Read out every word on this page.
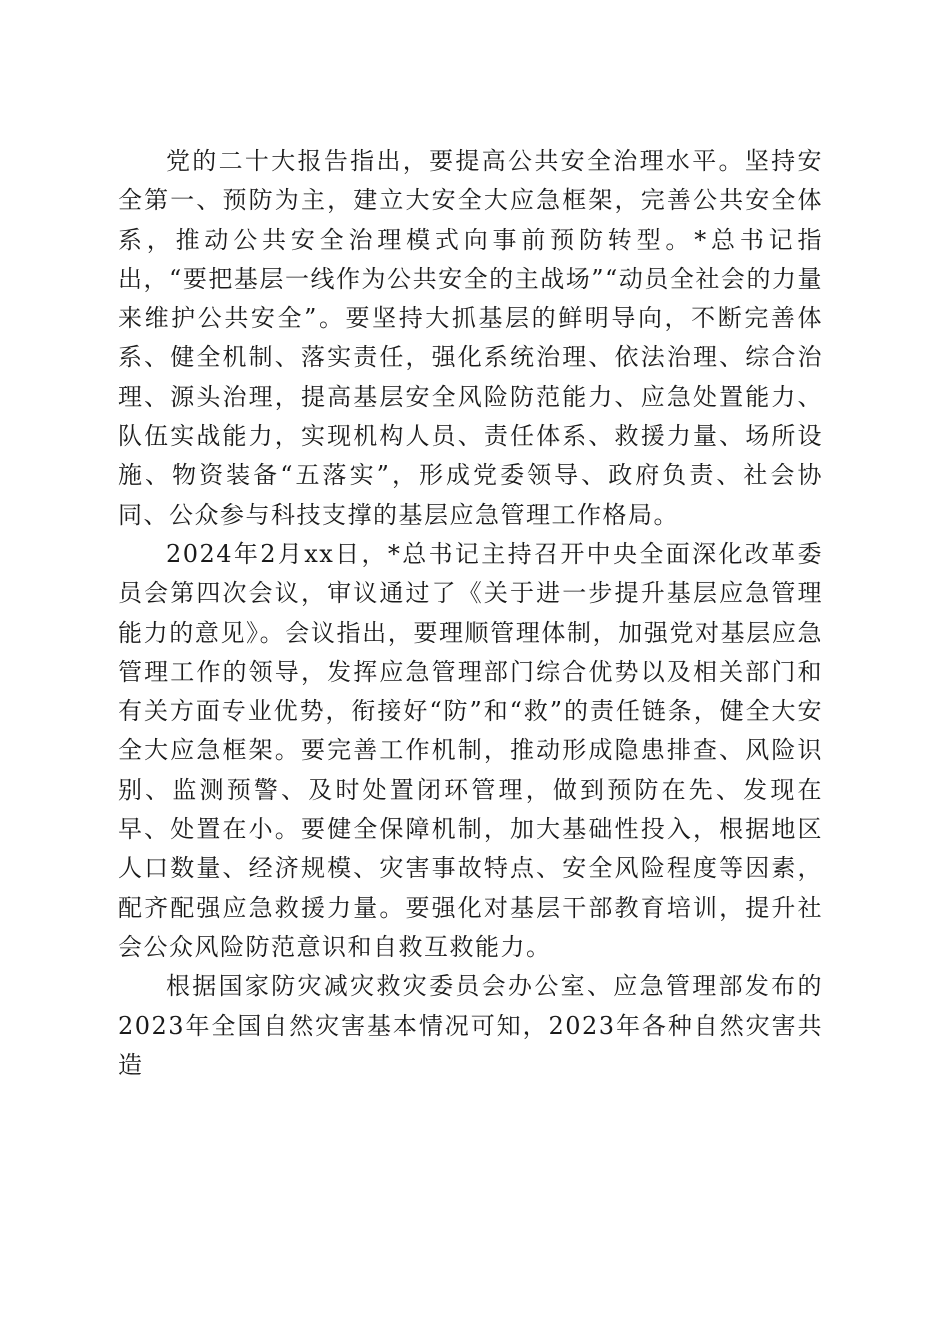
党的二十大报告指出，要提高公共安全治理水平。坚持安全第一、预防为主，建立大安全大应急框架，完善公共安全体系，推动公共安全治理模式向事前预防转型。*总书记指出，“要把基层一线作为公共安全的主战场”“动员全社会的力量来维护公共安全”。要坚持大抓基层的鲜明导向，不断完善体系、健全机制、落实责任，强化系统治理、依法治理、综合治理、源头治理，提高基层安全风险防范能力、应急处置能力、队伍实战能力，实现机构人员、责任体系、救援力量、场所设施、物资装备“五落实”，形成党委领导、政府负责、社会协同、公众参与科技支撑的基层应急管理工作格局。

2024年2月xx日，*总书记主持召开中央全面深化改革委员会第四次会议，审议通过了《关于进一步提升基层应急管理能力的意见》。会议指出，要理顺管理体制，加强党对基层应急管理工作的领导，发挥应急管理部门综合优势以及相关部门和有关方面专业优势，衔接好“防”和“救”的责任链条，健全大安全大应急框架。要完善工作机制，推动形成隐患排查、风险识别、监测预警、及时处置闭环管理，做到预防在先、发现在早、处置在小。要健全保障机制，加大基础性投入，根据地区人口数量、经济规模、灾害事故特点、安全风险程度等因素，配齐配强应急救援力量。要强化对基层干部教育培训，提升社会公众风险防范意识和自救互救能力。

根据国家防灾减灾救灾委员会办公室、应急管理部发布的2023年全国自然灾害基本情况可知，2023年各种自然灾害共造
